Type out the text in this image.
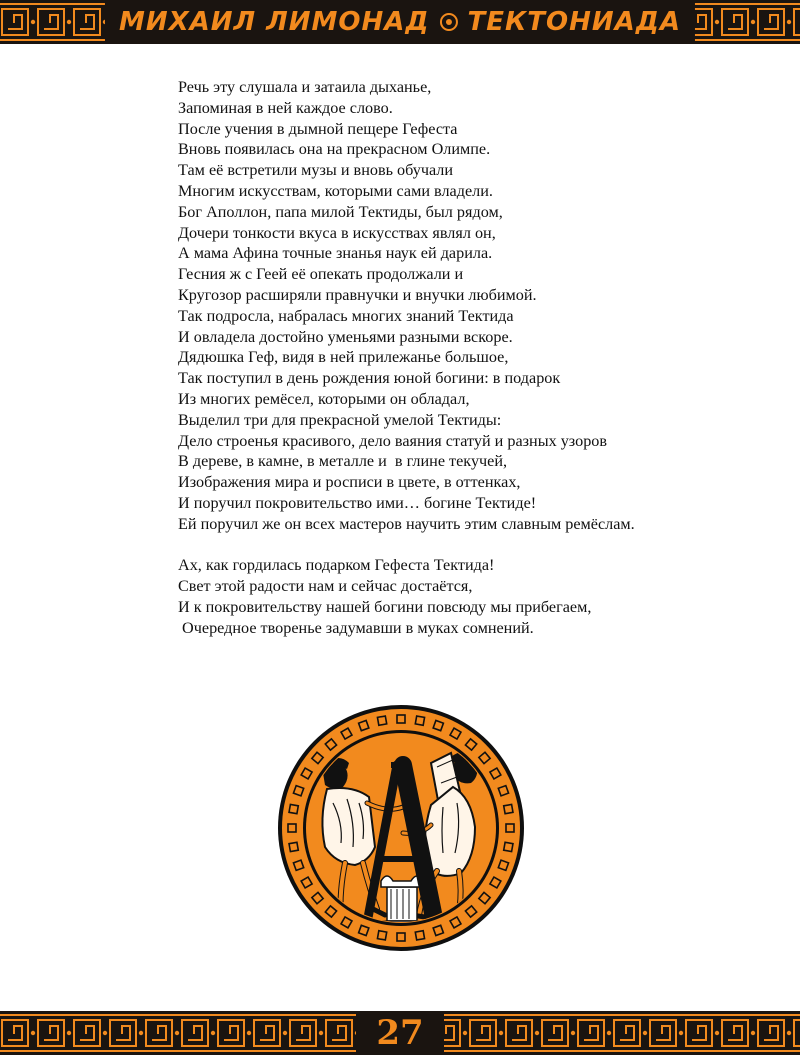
МИХАИЛ ЛИМОНАД ТЕКТОНИАДА
Речь эту слушала и затаила дыханье,
Запоминая в ней каждое слово.
После учения в дымной пещере Гефеста
Вновь появилась она на прекрасном Олимпе.
Там её встретили музы и вновь обучали
Многим искусствам, которыми сами владели.
Бог Аполлон, папа милой Тектиды, был рядом,
Дочери тонкости вкуса в искусствах являл он,
А мама Афина точные знанья наук ей дарила.
Гесния ж с Геей её опекать продолжали и
Кругозор расширяли правнучки и внучки любимой.
Так подросла, набралась многих знаний Тектида
И овладела достойно уменьями разными вскоре.
Дядюшка Геф, видя в ней прилежанье большое,
Так поступил в день рождения юной богини: в подарок
Из многих ремёсел, которыми он обладал,
Выделил три для прекрасной умелой Тектиды:
Дело строенья красивого, дело ваяния статуй и разных узоров
В дереве, в камне, в металле и  в глине текучей,
Изображения мира и росписи в цвете, в оттенках,
И поручил покровительство ими… богине Тектиде!
Ей поручил же он всех мастеров научить этим славным ремёслам.
Ах, как гордилась подарком Гефеста Тектида!
Свет этой радости нам и сейчас достаётся,
И к покровительству нашей богини повсюду мы прибегаем,
Очередное творенье задумавши в муках сомнений.
27
